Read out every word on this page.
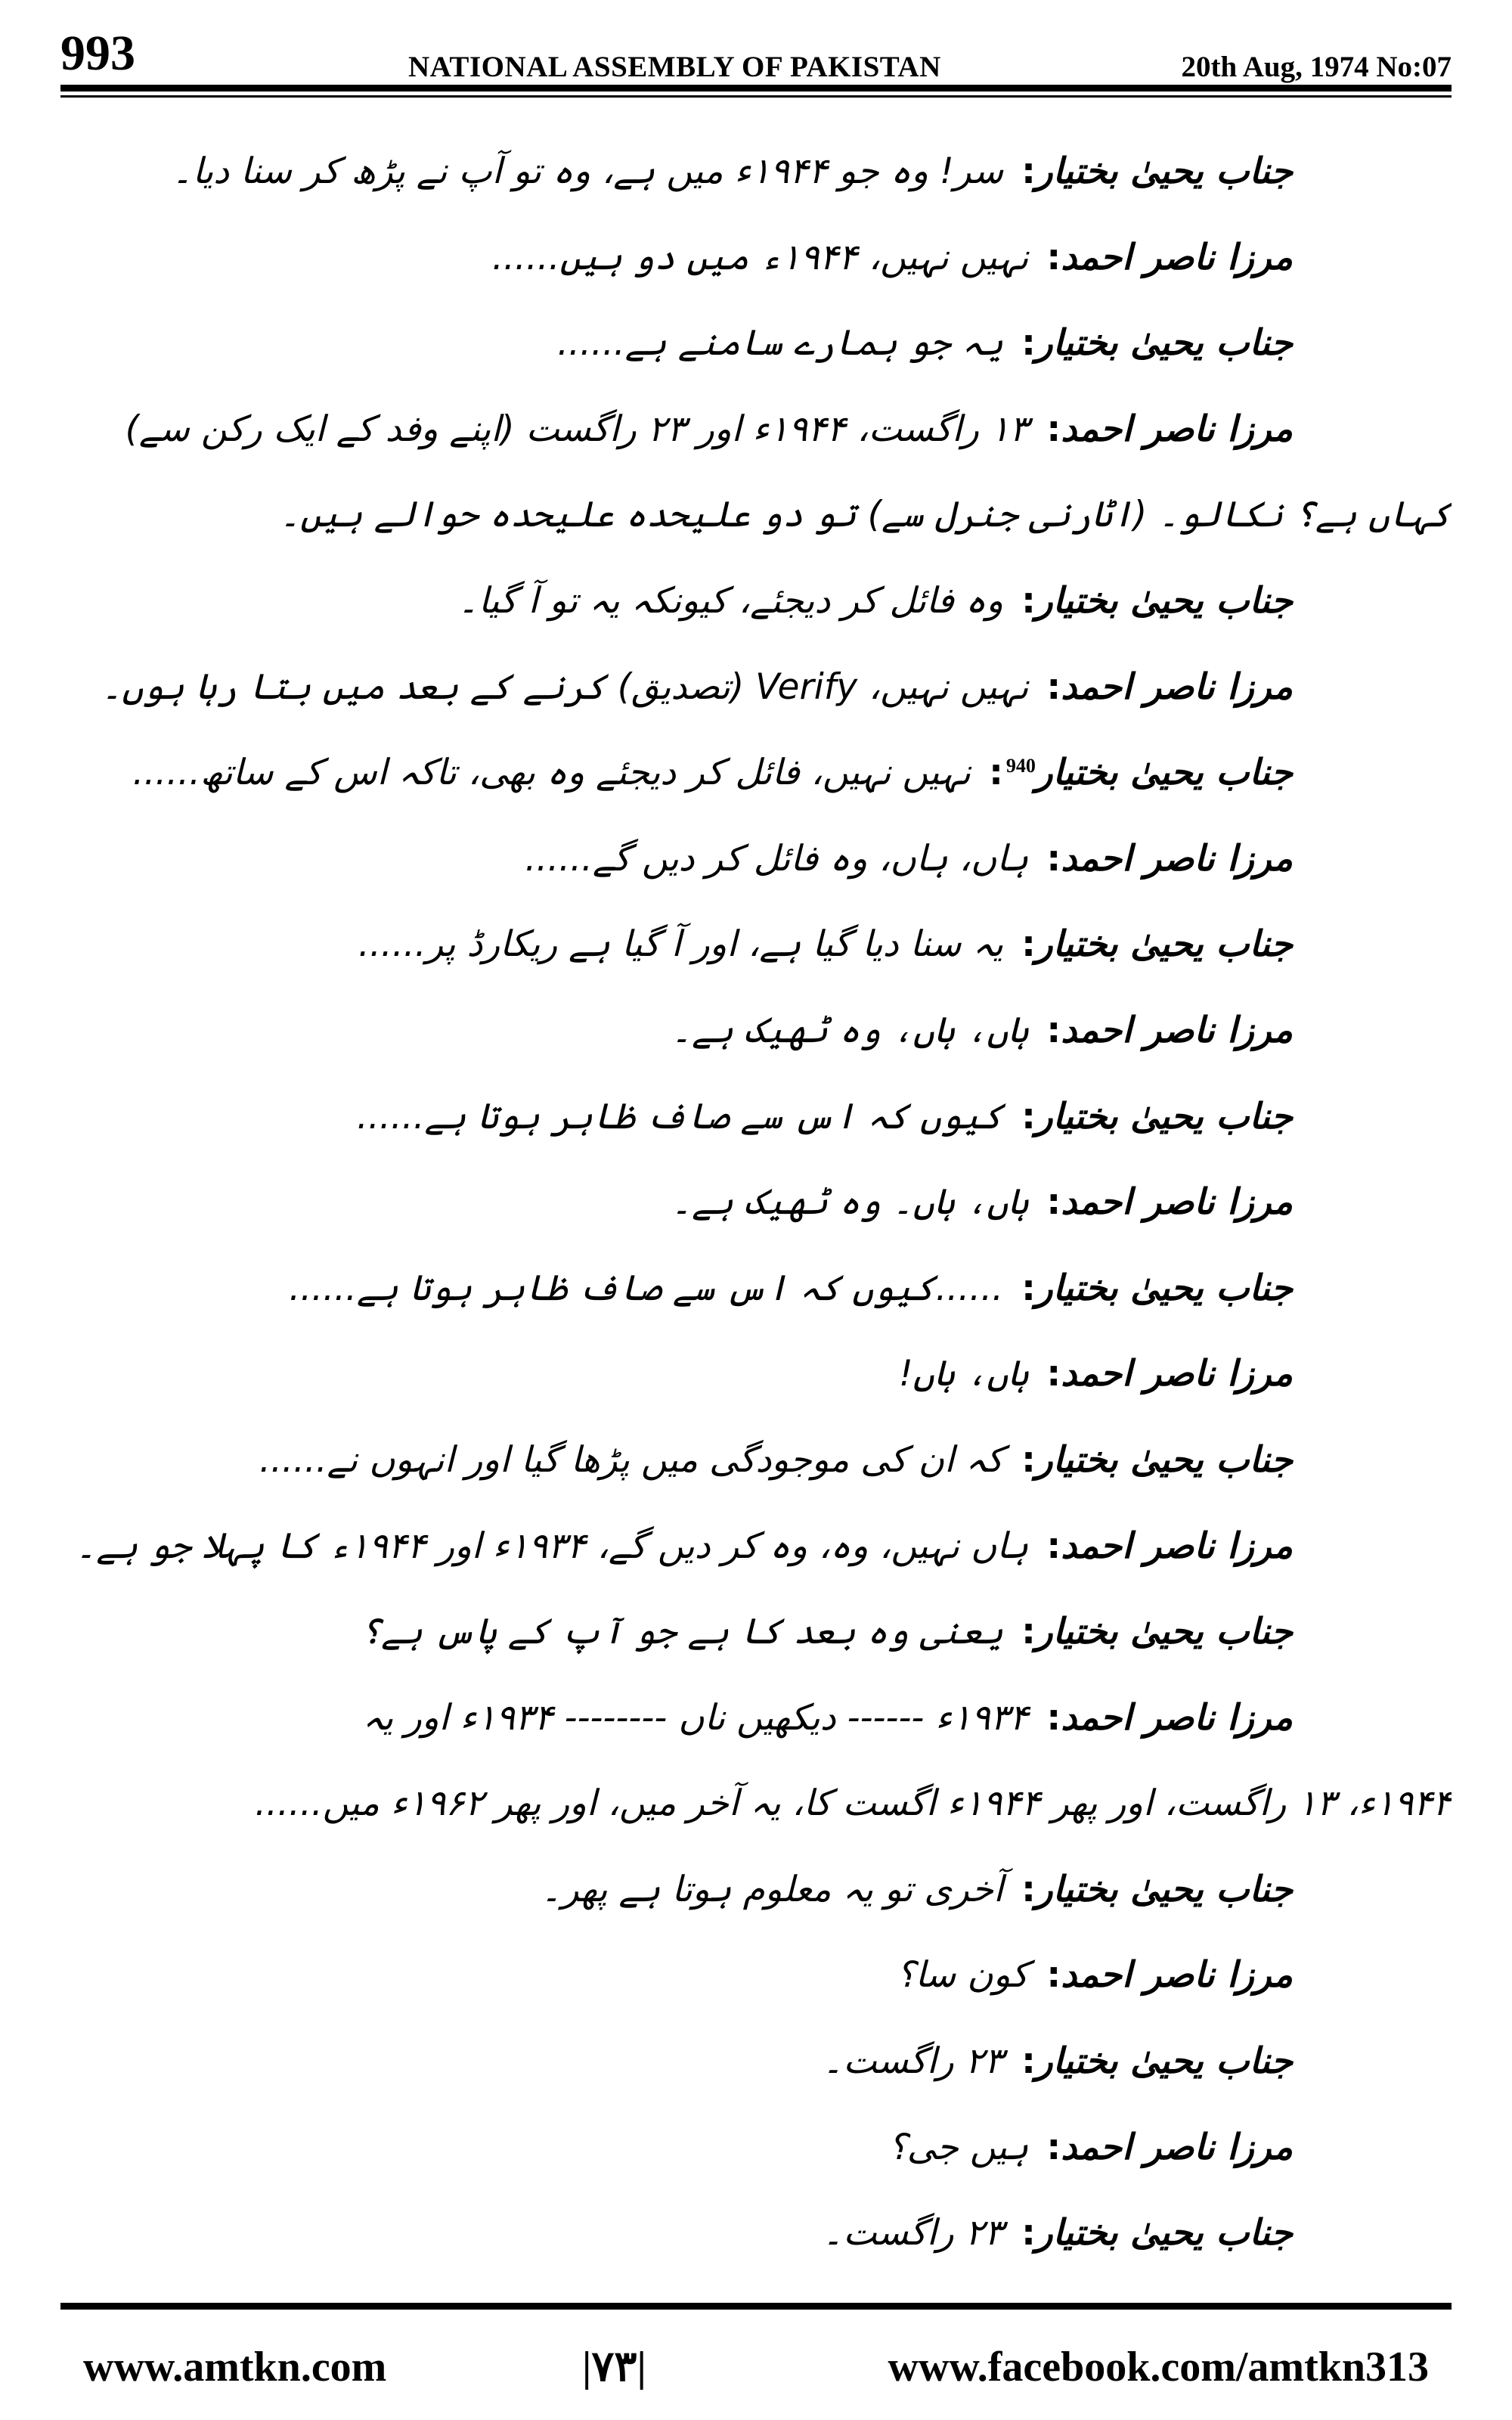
993	NATIONAL ASSEMBLY OF PAKISTAN	20th Aug, 1974 No:07
جناب یحییٰ بختیار:سر! وہ جو ۱۹۴۴ء میں ہے، وہ تو آپ نے پڑھ کر سنا دیا۔
مرزا ناصر احمد:نہیں نہیں، ۱۹۴۴ء میں دو ہیں......
جناب یحییٰ بختیار:یہ جو ہمارے سامنے ہے......
مرزا ناصر احمد:۱۳ راگست، ۱۹۴۴ء اور ۲۳ راگست (اپنے وفد کے ایک رکن سے)
کہاں ہے؟ نکالو۔ (اٹارنی جنرل سے) تو دو علیحدہ علیحدہ حوالے ہیں۔
جناب یحییٰ بختیار:وہ فائل کر دیجئے، کیونکہ یہ تو آ گیا۔
مرزا ناصر احمد:نہیں نہیں، Verify (تصدیق) کرنے کے بعد میں بتا رہا ہوں۔
جناب یحییٰ بختیار$^{940}$:نہیں نہیں، فائل کر دیجئے وہ بھی، تاکہ اس کے ساتھ......
مرزا ناصر احمد:ہاں، ہاں، وہ فائل کر دیں گے......
جناب یحییٰ بختیار:یہ سنا دیا گیا ہے، اور آ گیا ہے ریکارڈ پر......
مرزا ناصر احمد:ہاں، ہاں، وہ ٹھیک ہے۔
جناب یحییٰ بختیار:کیوں کہ اس سے صاف ظاہر ہوتا ہے......
مرزا ناصر احمد:ہاں، ہاں۔ وہ ٹھیک ہے۔
جناب یحییٰ بختیار:......کیوں کہ اس سے صاف ظاہر ہوتا ہے......
مرزا ناصر احمد:ہاں، ہاں!
جناب یحییٰ بختیار:کہ ان کی موجودگی میں پڑھا گیا اور انہوں نے......
مرزا ناصر احمد:ہاں نہیں، وہ، وہ کر دیں گے، ۱۹۳۴ء اور ۱۹۴۴ء کا پہلا جو ہے۔
جناب یحییٰ بختیار:یعنی وہ بعد کا ہے جو آپ کے پاس ہے؟
مرزا ناصر احمد:۱۹۳۴ء ------ دیکھیں ناں -------- ۱۹۳۴ء اور یہ
۱۹۴۴ء، ۱۳ راگست، اور پھر ۱۹۴۴ء اگست کا، یہ آخر میں، اور پھر ۱۹۶۲ء میں......
جناب یحییٰ بختیار:آخری تو یہ معلوم ہوتا ہے پھر۔
مرزا ناصر احمد:کون سا؟
جناب یحییٰ بختیار:۲۳ راگست۔
مرزا ناصر احمد:ہیں جی؟
جناب یحییٰ بختیار:۲۳ راگست۔
www.amtkn.com	|۷۳|	www.facebook.com/amtkn313
